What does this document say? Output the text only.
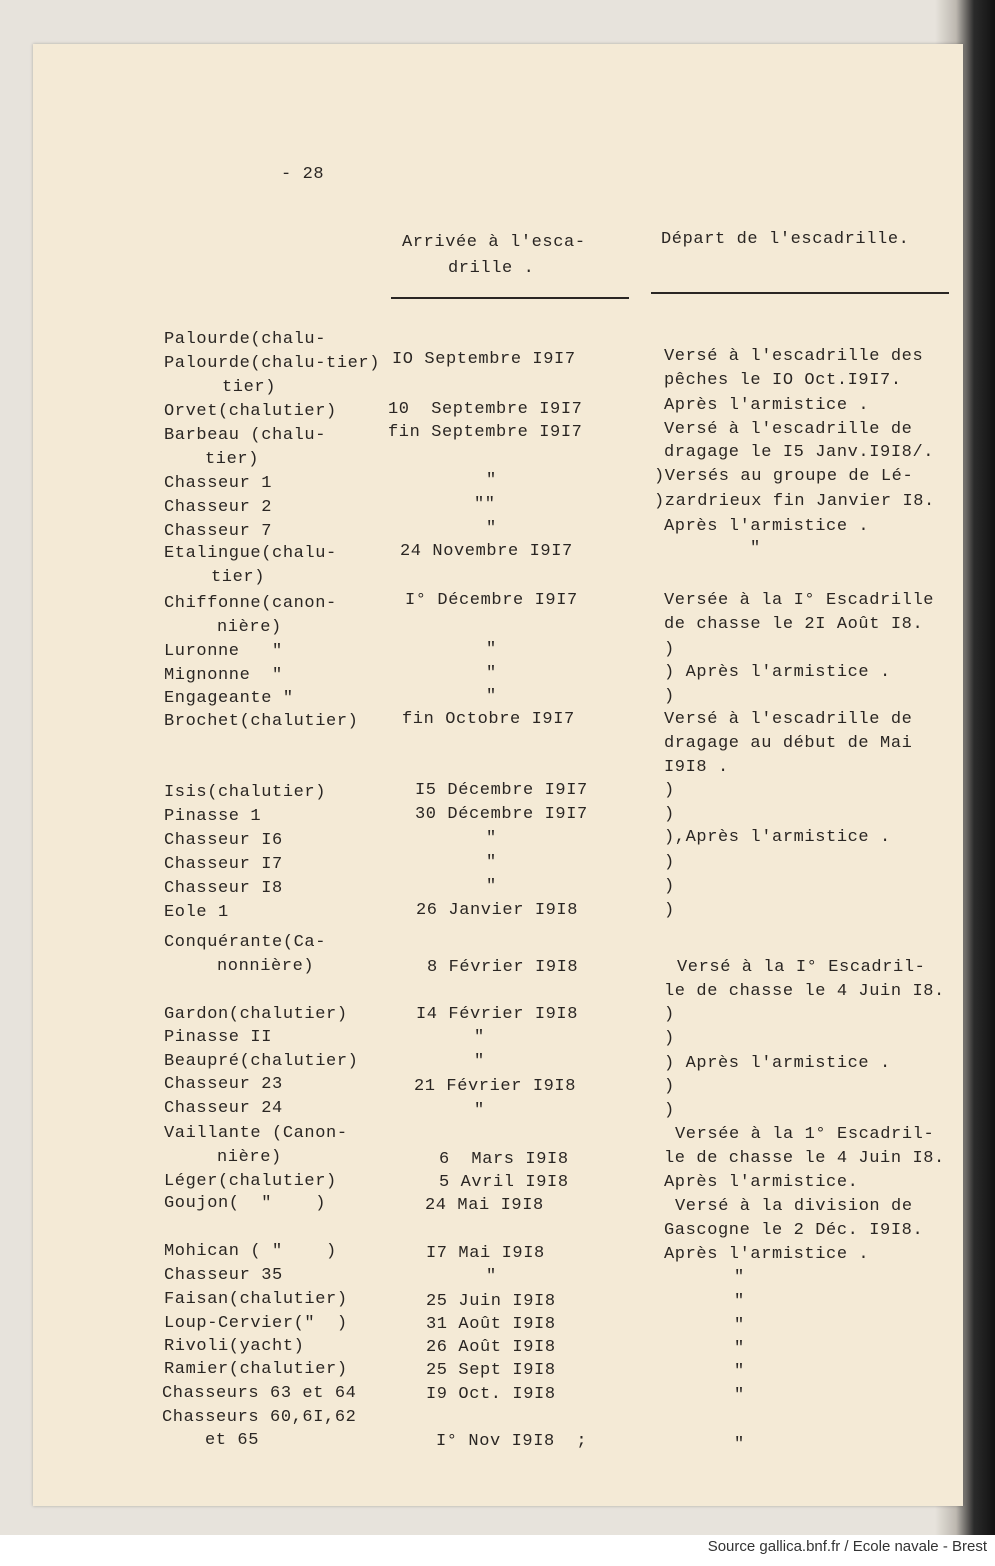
- 28
Arrivée à l'esca-
drille .
Départ de l'escadrille.
Palourde(chalu-
Palourde(chalu-tier)
tier)
Orvet(chalutier)
Barbeau (chalu-
tier)
Chasseur 1
Chasseur 2
Chasseur 7
Etalingue(chalu-
tier)
Chiffonne(canon-
nière)
Luronne   "
Mignonne  "
Engageante "
Brochet(chalutier)
Isis(chalutier)
Pinasse 1
Chasseur I6
Chasseur I7
Chasseur I8
Eole 1
Conquérante(Ca-
nonnière)
Gardon(chalutier)
Pinasse II
Beaupré(chalutier)
Chasseur 23
Chasseur 24
Vaillante (Canon-
nière)
Léger(chalutier)
Goujon(  "    )
Mohican ( "    )
Chasseur 35
Faisan(chalutier)
Loup-Cervier("  )
Rivoli(yacht)
Ramier(chalutier)
Chasseurs 63 et 64
Chasseurs 60,6I,62
et 65
IO Septembre I9I7
10  Septembre I9I7
fin Septembre I9I7
"
""
"
24 Novembre I9I7
I° Décembre I9I7
"
"
"
fin Octobre I9I7
I5 Décembre I9I7
30 Décembre I9I7
"
"
"
26 Janvier I9I8
8 Février I9I8
I4 Février I9I8
"
"
21 Février I9I8
"
6  Mars I9I8
5 Avril I9I8
24 Mai I9I8
I7 Mai I9I8
"
25 Juin I9I8
31 Août I9I8
26 Août I9I8
25 Sept I9I8
I9 Oct. I9I8
I° Nov I9I8  ;
Versé à l'escadrille des
pêches le IO Oct.I9I7.
Après l'armistice .
Versé à l'escadrille de
dragage le I5 Janv.I9I8/.
)Versés au groupe de Lé-
)zardrieux fin Janvier I8.
Après l'armistice .
"
Versée à la I° Escadrille
de chasse le 2I Août I8.
)
) Après l'armistice .
)
Versé à l'escadrille de
dragage au début de Mai
I9I8 .
)
)
),Après l'armistice .
)
)
)
Versé à la I° Escadril-
le de chasse le 4 Juin I8.
)
)
) Après l'armistice .
)
)
Versée à la 1° Escadril-
le de chasse le 4 Juin I8.
Après l'armistice.
Versé à la division de
Gascogne le 2 Déc. I9I8.
Après l'armistice .
"
"
"
"
"
"
"
Source gallica.bnf.fr / Ecole navale - Brest
